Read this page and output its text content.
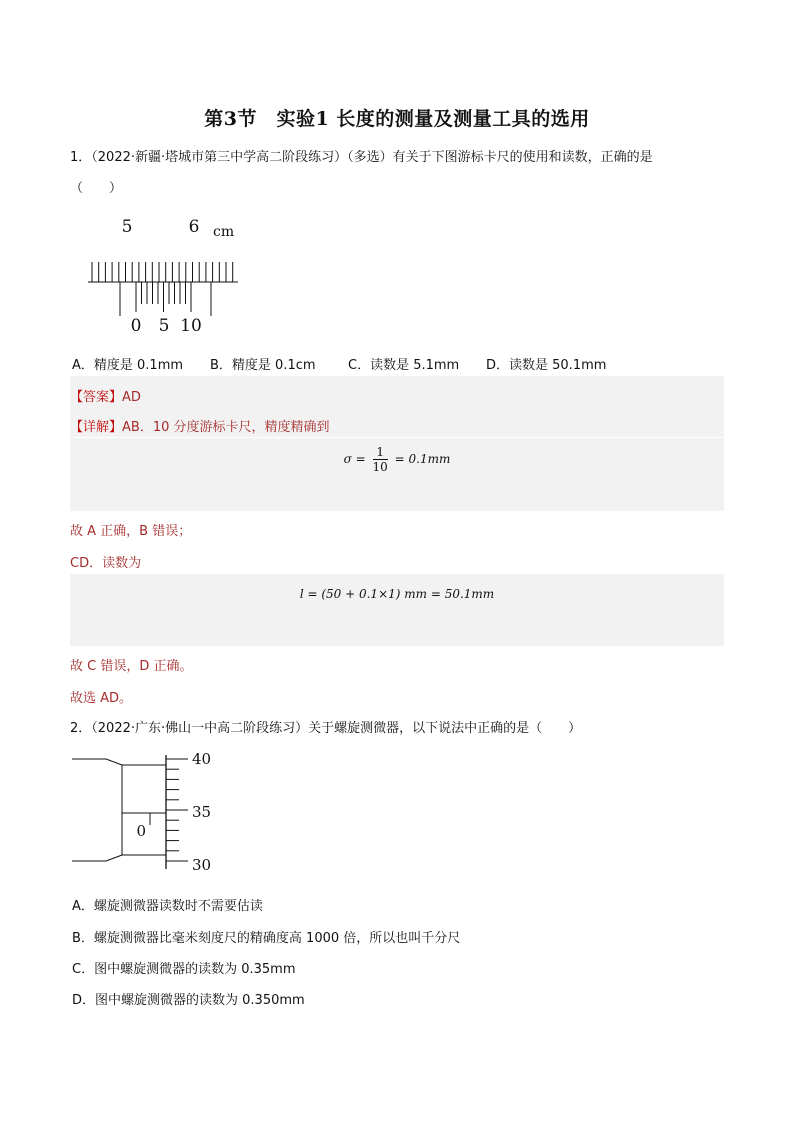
第3节　实验1 长度的测量及测量工具的选用
1．（2022·新疆·塔城市第三中学高二阶段练习）（多选）有关于下图游标卡尺的使用和读数，正确的是
（　　）
5	6 cm
0 5 10
A．精度是 0.1mm B．精度是 0.1cm C．读数是 5.1mm D．读数是 50.1mm
【答案】AD
【详解】AB．10 分度游标卡尺，精度精确到
$\sigma = \frac{1}{10} = 0.1mm$
故 A 正确，B 错误；
CD．读数为
l = (50 + 0.1×1) mm = 50.1mm
故 C 错误，D 正确。
故选 AD。
2．（2022·广东·佛山一中高二阶段练习）关于螺旋测微器，以下说法中正确的是（　　）
40
35
30
0
A．螺旋测微器读数时不需要估读
B．螺旋测微器比毫米刻度尺的精确度高 1000 倍，所以也叫千分尺
C．图中螺旋测微器的读数为 0.35mm
D．图中螺旋测微器的读数为 0.350mm
